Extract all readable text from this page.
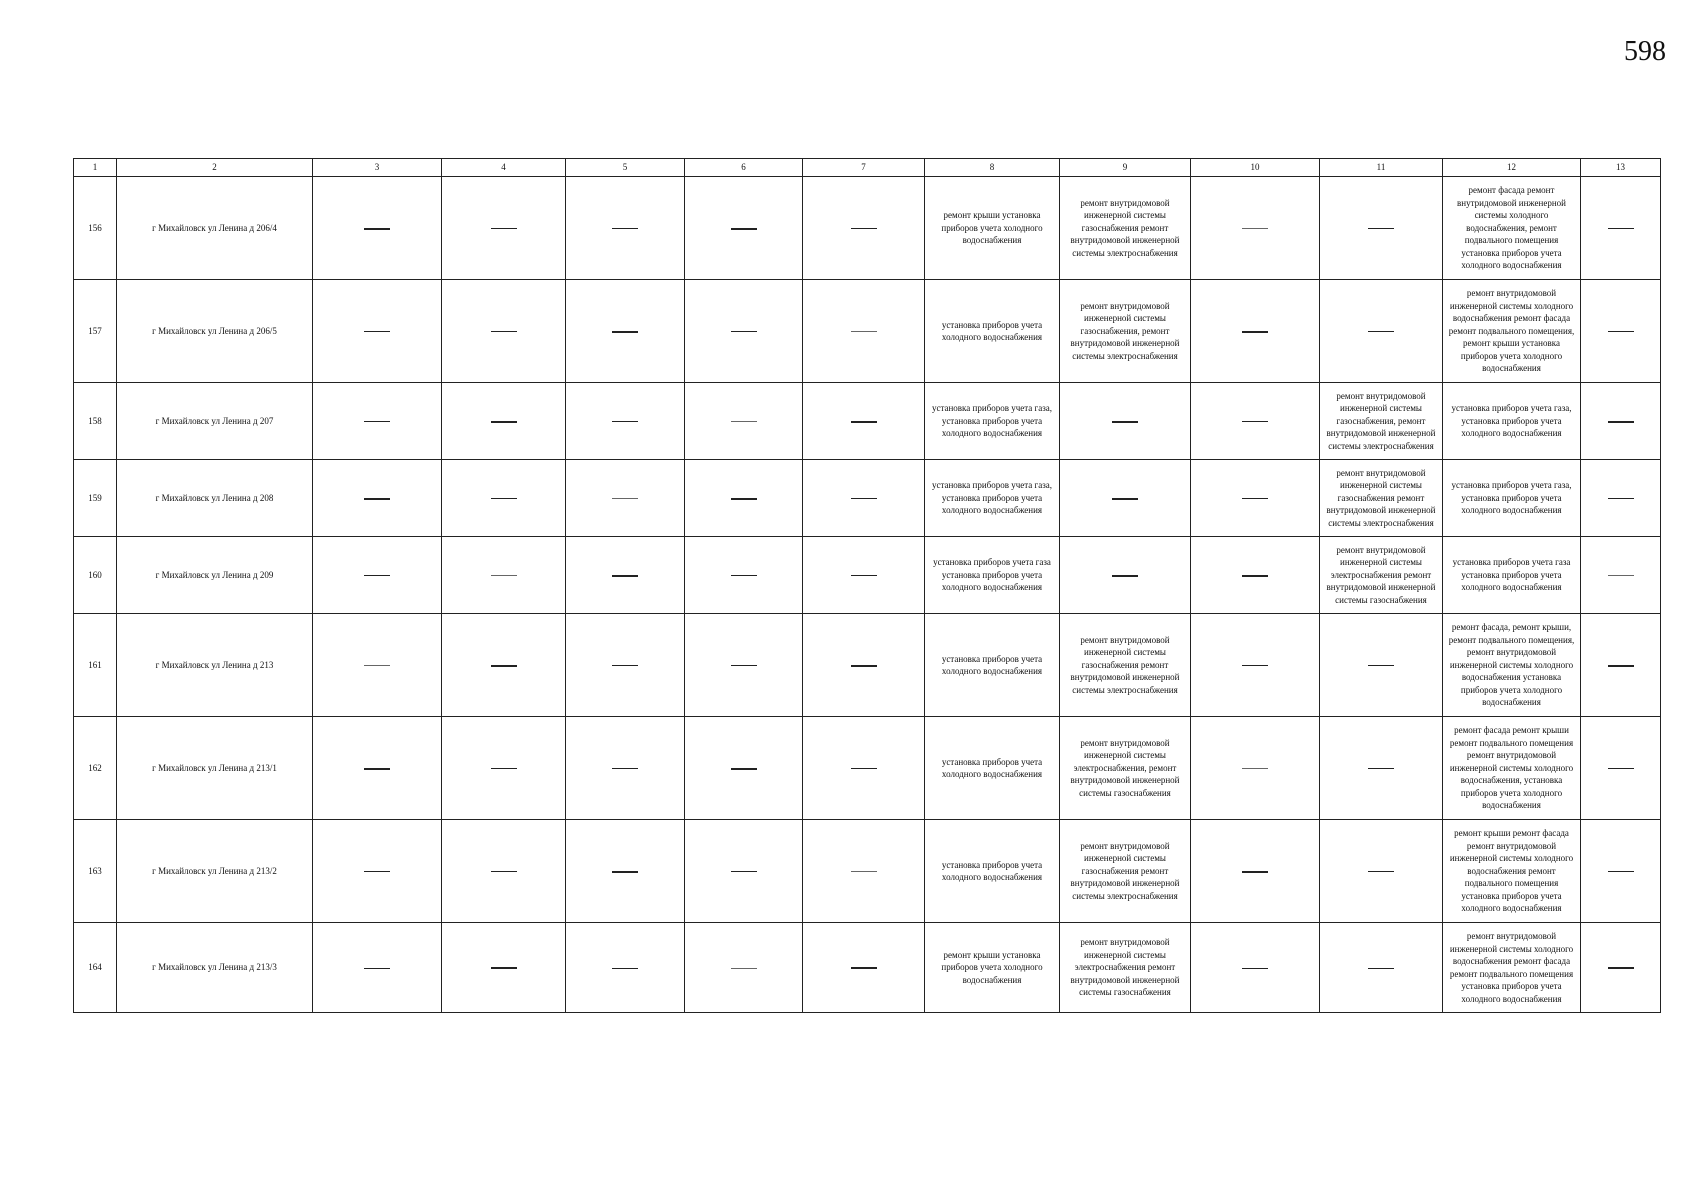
598
1	2	3	4	5	6	7	8	9	10	11	12	13
156	г Михайловск ул Ленина д 206/4						ремонт крыши установка приборов учета холодного водоснабжения	ремонт внутридомовой инженерной системы газоснабжения ремонт внутридомовой инженерной системы электроснабжения			ремонт фасада ремонт внутридомовой инженерной системы холодного водоснабжения, ремонт подвального помещения установка приборов учета холодного водоснабжения	
157	г Михайловск ул Ленина д 206/5						установка приборов учета холодного водоснабжения	ремонт внутридомовой инженерной системы газоснабжения, ремонт внутридомовой инженерной системы электроснабжения			ремонт внутридомовой инженерной системы холодного водоснабжения ремонт фасада ремонт подвального помещения, ремонт крыши установка приборов учета холодного водоснабжения	
158	г Михайловск ул Ленина д 207						установка приборов учета газа, установка приборов учета холодного водоснабжения			ремонт внутридомовой инженерной системы газоснабжения, ремонт внутридомовой инженерной системы электроснабжения	установка приборов учета газа, установка приборов учета холодного водоснабжения	
159	г Михайловск ул Ленина д 208						установка приборов учета газа, установка приборов учета холодного водоснабжения			ремонт внутридомовой инженерной системы газоснабжения ремонт внутридомовой инженерной системы электроснабжения	установка приборов учета газа, установка приборов учета холодного водоснабжения	
160	г Михайловск ул Ленина д 209						установка приборов учета газа установка приборов учета холодного водоснабжения			ремонт внутридомовой инженерной системы электроснабжения ремонт внутридомовой инженерной системы газоснабжения	установка приборов учета газа установка приборов учета холодного водоснабжения	
161	г Михайловск ул Ленина д 213						установка приборов учета холодного водоснабжения	ремонт внутридомовой инженерной системы газоснабжения ремонт внутридомовой инженерной системы электроснабжения			ремонт фасада, ремонт крыши, ремонт подвального помещения, ремонт внутридомовой инженерной системы холодного водоснабжения установка приборов учета холодного водоснабжения	
162	г Михайловск ул Ленина д 213/1						установка приборов учета холодного водоснабжения	ремонт внутридомовой инженерной системы электроснабжения, ремонт внутридомовой инженерной системы газоснабжения			ремонт фасада ремонт крыши ремонт подвального помещения ремонт внутридомовой инженерной системы холодного водоснабжения, установка приборов учета холодного водоснабжения	
163	г Михайловск ул Ленина д 213/2						установка приборов учета холодного водоснабжения	ремонт внутридомовой инженерной системы газоснабжения ремонт внутридомовой инженерной системы электроснабжения			ремонт крыши ремонт фасада ремонт внутридомовой инженерной системы холодного водоснабжения ремонт подвального помещения установка приборов учета холодного водоснабжения	
164	г Михайловск ул Ленина д 213/3						ремонт крыши установка приборов учета холодного водоснабжения	ремонт внутридомовой инженерной системы электроснабжения ремонт внутридомовой инженерной системы газоснабжения			ремонт внутридомовой инженерной системы холодного водоснабжения ремонт фасада ремонт подвального помещения установка приборов учета холодного водоснабжения	
